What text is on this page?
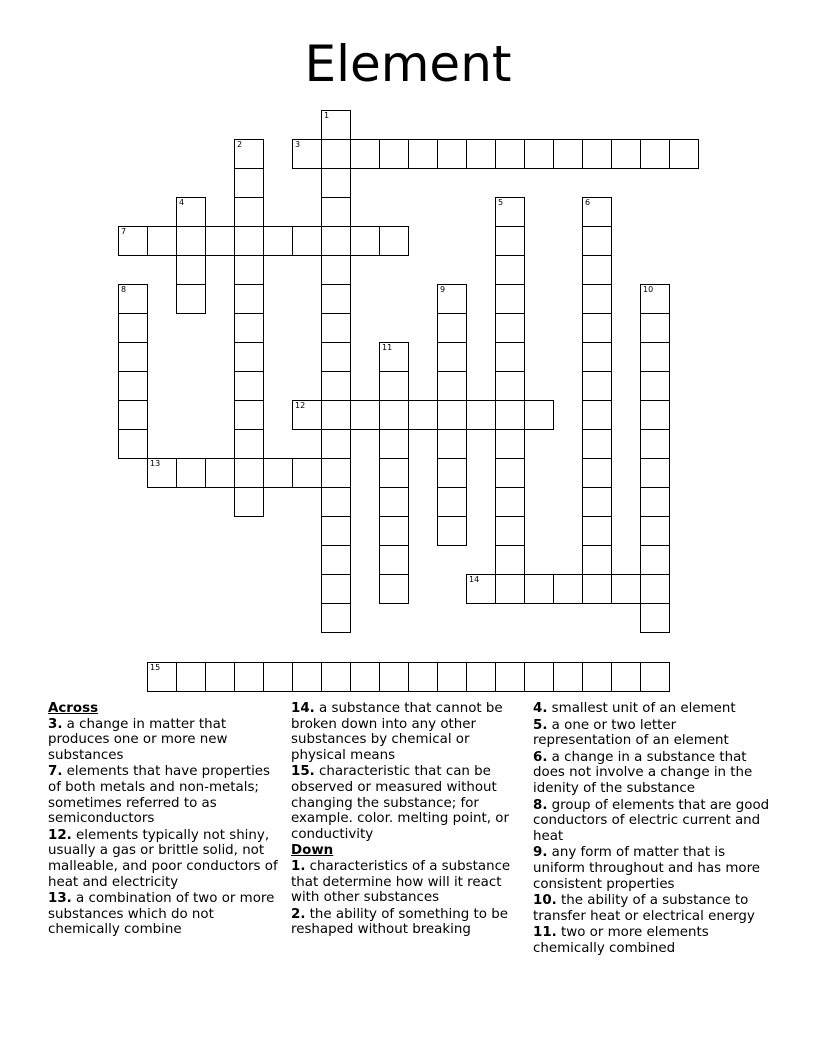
Element
1
2	3
4	5	6
7
8	9	10
11
12
13
14
15
Across
3. a change in matter that produces one or more new substances
7. elements that have properties of both metals and non-metals; sometimes referred to as semiconductors
12. elements typically not shiny, usually a gas or brittle solid, not malleable, and poor conductors of heat and electricity
13. a combination of two or more substances which do not chemically combine
14. a substance that cannot be broken down into any other substances by chemical or physical means
15. characteristic that can be observed or measured without changing the substance; for example. color. melting point, or conductivity
Down
1. characteristics of a substance that determine how will it react with other substances
2. the ability of something to be reshaped without breaking
4. smallest unit of an element
5. a one or two letter representation of an element
6. a change in a substance that does not involve a change in the idenity of the substance
8. group of elements that are good conductors of electric current and heat
9. any form of matter that is uniform throughout and has more consistent properties
10. the ability of a substance to transfer heat or electrical energy
11. two or more elements chemically combined
